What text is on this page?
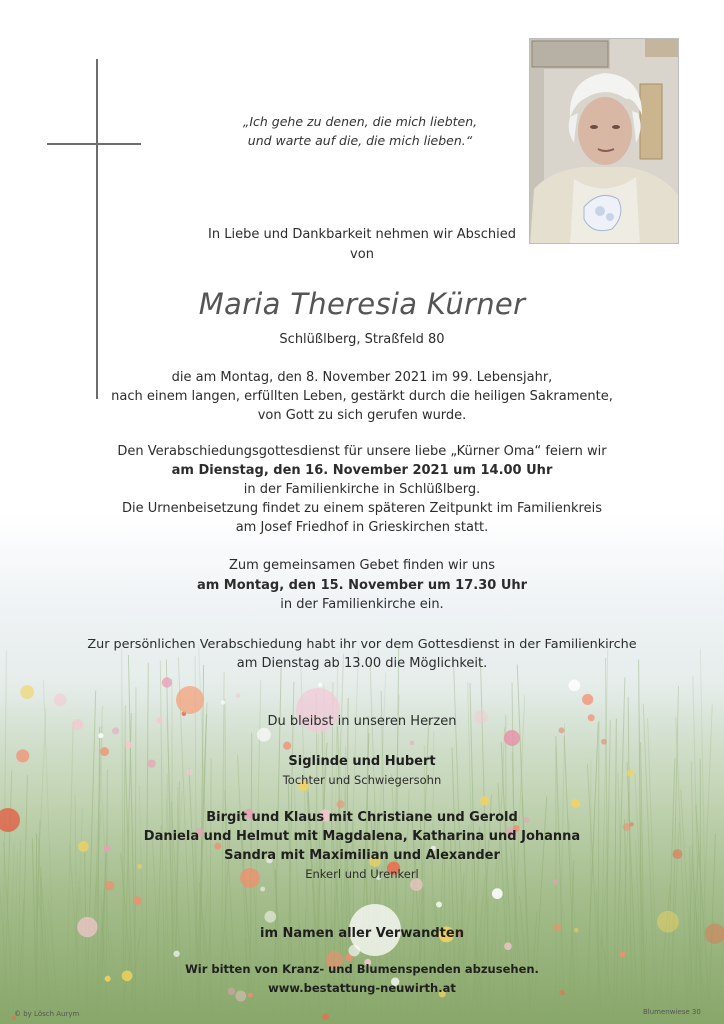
„Ich gehe zu denen, die mich liebten,
und warte auf die, die mich lieben.“
In Liebe und Dankbarkeit nehmen wir Abschied
von
Maria Theresia Kürner
Schlüßlberg, Straßfeld 80
die am Montag, den 8. November 2021 im 99. Lebensjahr,
nach einem langen, erfüllten Leben, gestärkt durch die heiligen Sakramente,
von Gott zu sich gerufen wurde.
Den Verabschiedungsgottesdienst für unsere liebe „Kürner Oma“ feiern wir
am Dienstag, den 16. November 2021 um 14.00 Uhr
in der Familienkirche in Schlüßlberg.
Die Urnenbeisetzung findet zu einem späteren Zeitpunkt im Familienkreis
am Josef Friedhof in Grieskirchen statt.
Zum gemeinsamen Gebet finden wir uns
am Montag, den 15. November um 17.30 Uhr
in der Familienkirche ein.
Zur persönlichen Verabschiedung habt ihr vor dem Gottesdienst in der Familienkirche
am Dienstag ab 13.00 die Möglichkeit.
Du bleibst in unseren Herzen
Siglinde und Hubert
Tochter und Schwiegersohn
Birgit und Klaus mit Christiane und Gerold
Daniela und Helmut mit Magdalena, Katharina und Johanna
Sandra mit Maximilian und Alexander
Enkerl und Urenkerl
im Namen aller Verwandten
Wir bitten von Kranz- und Blumenspenden abzusehen.
www.bestattung-neuwirth.at
© by Lösch Aurym	Blumenwiese 30
